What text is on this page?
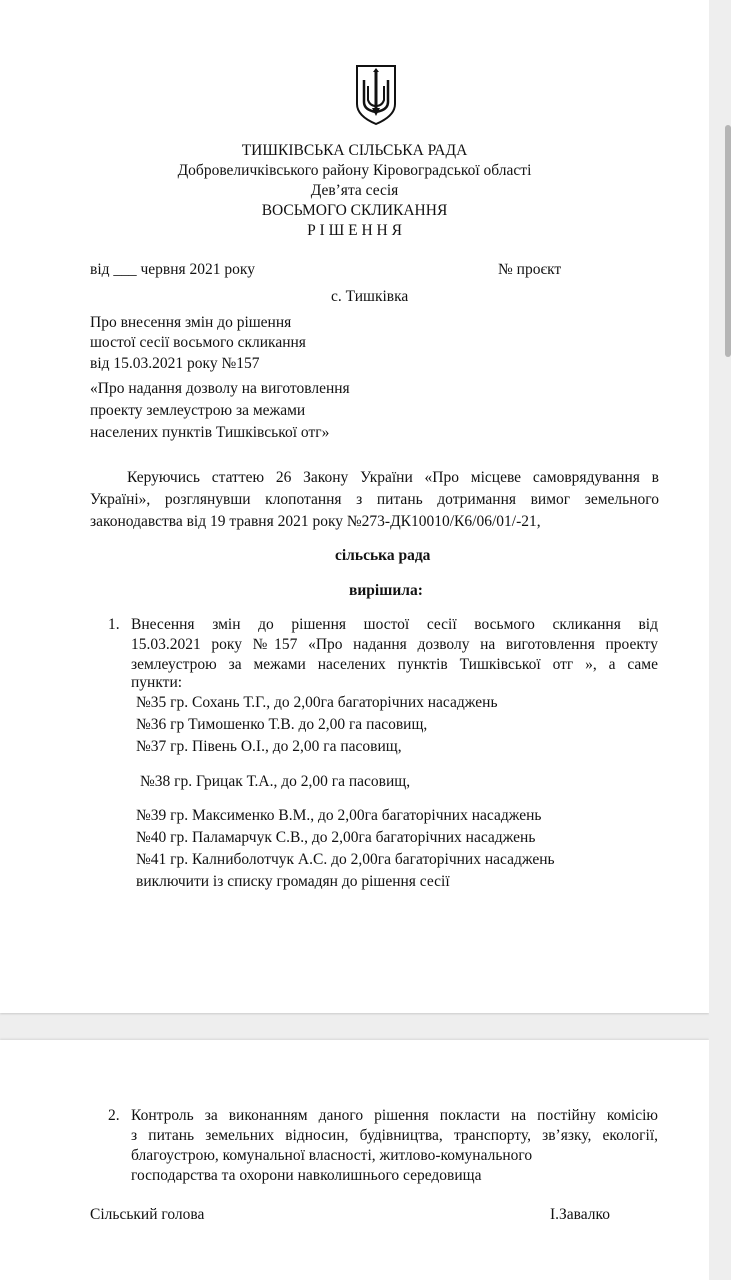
ТИШКІВСЬКА СІЛЬСЬКА РАДА
Добровеличківського району Кіровоградської області
Дев’ята сесія
ВОСЬМОГО СКЛИКАННЯ
Р І Ш Е Н Н Я
від ___ червня 2021 року	№ проєкт
с. Тишківка
Про внесення змін до рішення
шостої сесії восьмого скликання
від 15.03.2021 року №157
«Про надання дозволу на виготовлення
проекту землеустрою за межами
населених пунктів Тишківської отг»
Керуючись статтею 26 Закону України «Про місцеве самоврядування в
Україні», розглянувши клопотання з питань дотримання вимог земельного
законодавства від 19 травня 2021 року №273-ДК10010/К6/06/01/-21,
сільська рада
вирішила:
1. Внесення змін до рішення шостої сесії восьмого скликання від
15.03.2021 року №157 «Про надання дозволу на виготовлення проекту
землеустрою за межами населених пунктів Тишківської отг », а саме
пункти:
№35 гр. Сохань Т.Г., до 2,00га багаторічних насаджень
№36 гр Тимошенко Т.В. до 2,00 га пасовищ,
№37 гр. Півень О.І., до 2,00 га пасовищ,
№38 гр. Грицак Т.А., до 2,00 га пасовищ,
№39 гр. Максименко В.М., до 2,00га багаторічних насаджень
№40 гр. Паламарчук С.В., до 2,00га багаторічних насаджень
№41 гр. Калниболотчук А.С. до 2,00га багаторічних насаджень
виключити із списку громадян до рішення сесії
2. Контроль за виконанням даного рішення покласти на постійну комісію
з питань земельних відносин, будівництва, транспорту, зв’язку, екології,
благоустрою, комунальної власності, житлово-комунального
господарства та охорони навколишнього середовища
Сільський голова	І.Завалко
